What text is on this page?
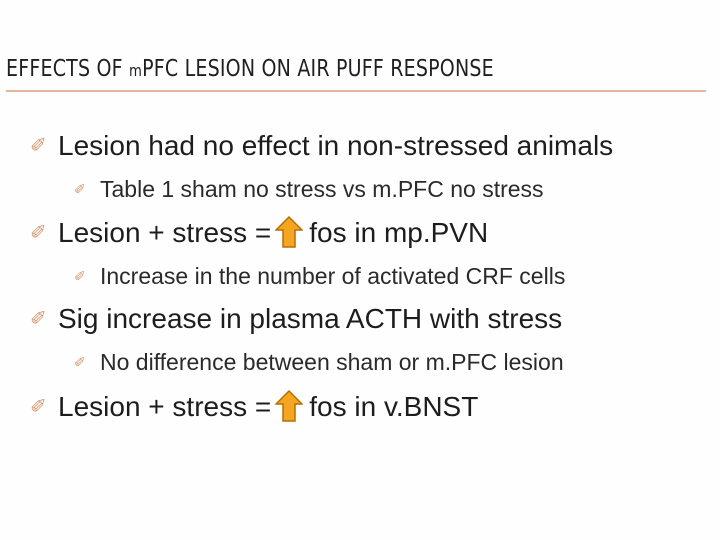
EFFECTS OF mPFC LESION ON AIR PUFF RESPONSE
✐ Lesion had no effect in non-stressed animals
✐ Table 1 sham no stress vs m.PFC no stress
✐ Lesion + stress = fos in mp.PVN
✐ Increase in the number of activated CRF cells
✐ Sig increase in plasma ACTH with stress
✐ No difference between sham or m.PFC lesion
✐ Lesion + stress = fos in v.BNST
